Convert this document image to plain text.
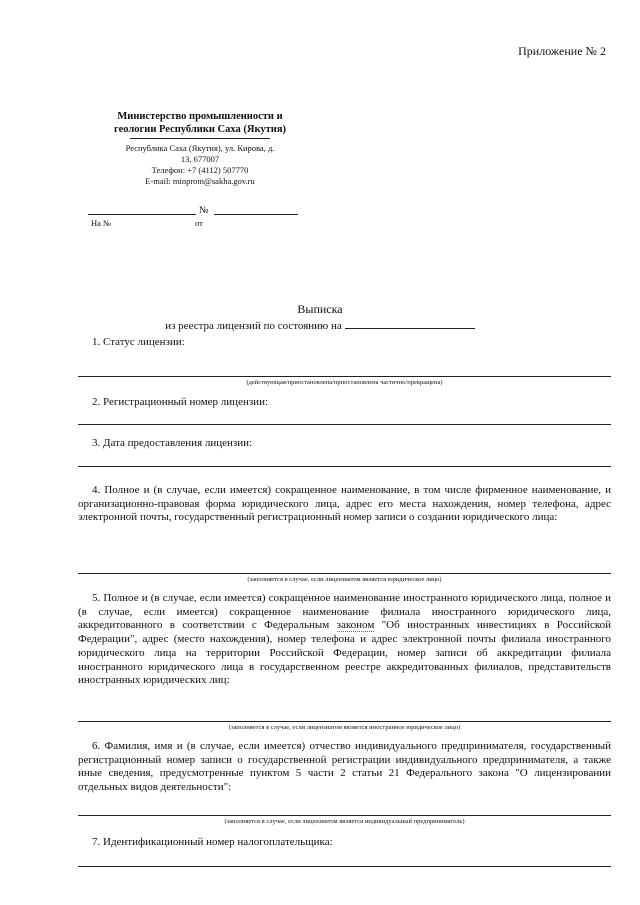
Приложение № 2
Министерство промышленности и
геологии Республики Саха (Якутия)
Республика Саха (Якутия), ул. Кирова, д.
13, 677007
Телефон: +7 (4112) 507770
E-mail: minprom@sakha.gov.ru
№
На №	от
Выписка
из реестра лицензий по состоянию на
1. Статус лицензии:
(действующая/приостановлена/приостановлена частично/прекращена)
2. Регистрационный номер лицензии:
3. Дата предоставления лицензии:
4. Полное и (в случае, если имеется) сокращенное наименование, в том числе фирменное наименование, и организационно-правовая форма юридического лица, адрес его места нахождения, номер телефона, адрес электронной почты, государственный регистрационный номер записи о создании юридического лица:
(заполняется в случае, если лицензиатом является юридическое лицо)
5. Полное и (в случае, если имеется) сокращенное наименование иностранного юридического лица, полное и (в случае, если имеется) сокращенное наименование филиала иностранного юридического лица, аккредитованного в соответствии с Федеральным законом "Об иностранных инвестициях в Российской Федерации", адрес (место нахождения), номер телефона и адрес электронной почты филиала иностранного юридического лица на территории Российской Федерации, номер записи об аккредитации филиала иностранного юридического лица в государственном реестре аккредитованных филиалов, представительств иностранных юридических лиц:
(заполняется в случае, если лицензиатом является иностранное юридическое лицо)
6. Фамилия, имя и (в случае, если имеется) отчество индивидуального предпринимателя, государственный регистрационный номер записи о государственной регистрации индивидуального предпринимателя, а также иные сведения, предусмотренные пунктом 5 части 2 статьи 21 Федерального закона "О лицензировании отдельных видов деятельности":
(заполняется в случае, если лицензиатом является индивидуальный предприниматель)
7. Идентификационный номер налогоплательщика:
